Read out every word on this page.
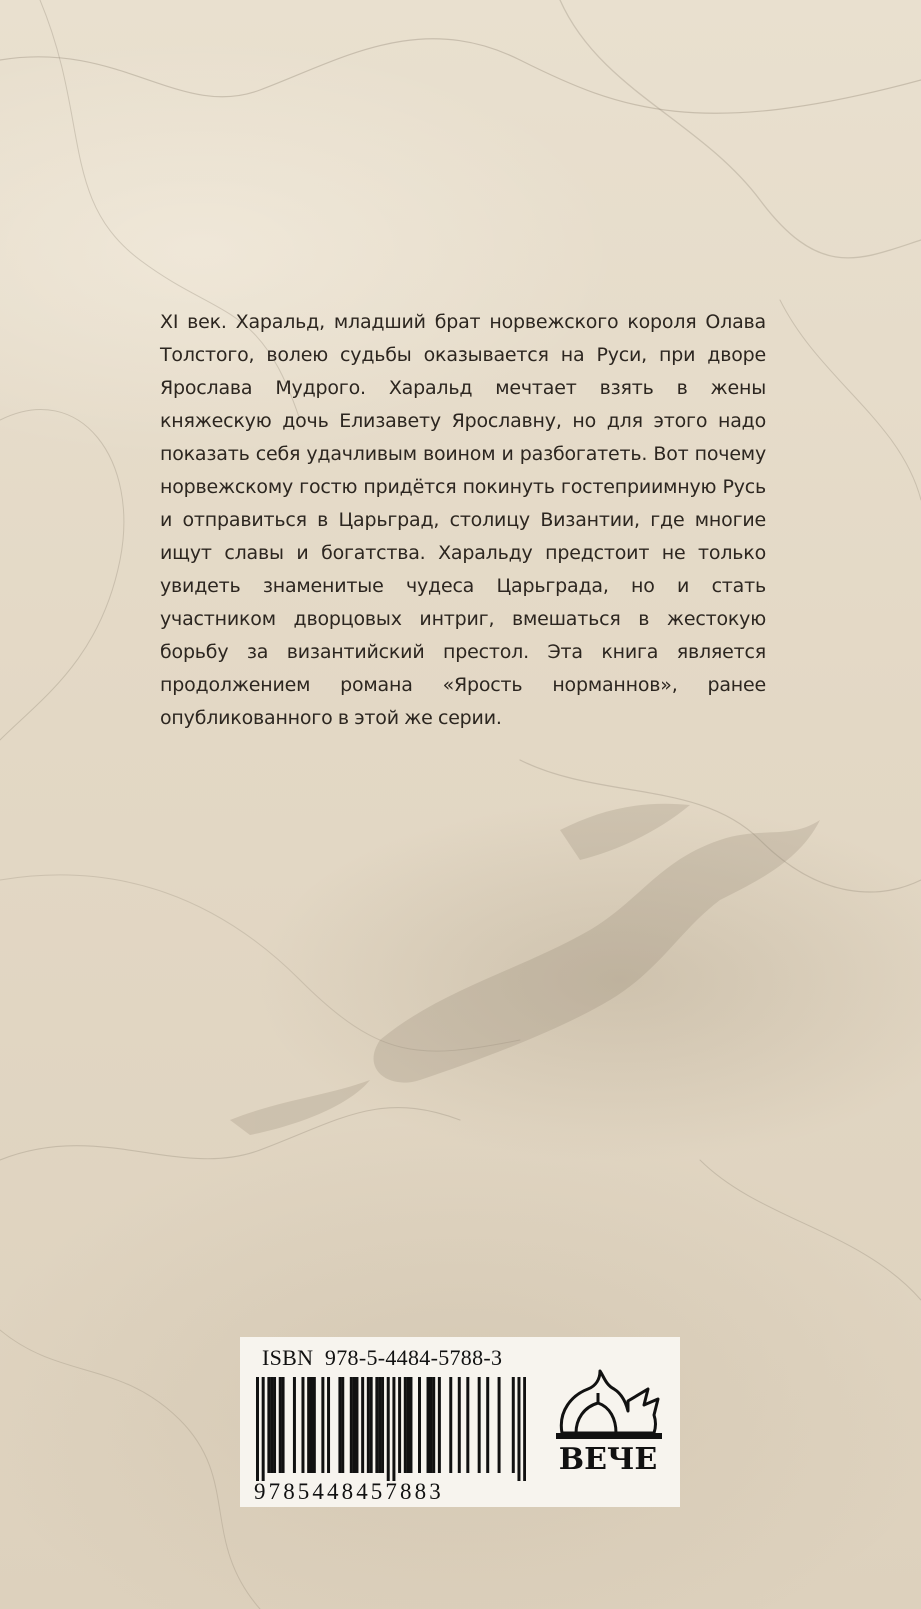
XI век. Харальд, младший брат норвежского короля Олава Толстого, волею судьбы оказывается на Руси, при дворе Ярослава Мудрого. Харальд мечтает взять в жены княжескую дочь Елизавету Ярославну, но для этого надо показать себя удачливым воином и разбогатеть. Вот почему норвежскому гостю придётся покинуть гостеприимную Русь и отправиться в Царьград, столицу Византии, где многие ищут славы и богатства. Харальду предстоит не только увидеть знаменитые чудеса Царьграда, но и стать участником дворцовых интриг, вмешаться в жестокую борьбу за византийский престол. Эта книга является продолжением романа «Ярость норманнов», ранее опубликованного в этой же серии.

ISBN  978-5-4484-5788-3
9785448457883
ВЕЧЕ
